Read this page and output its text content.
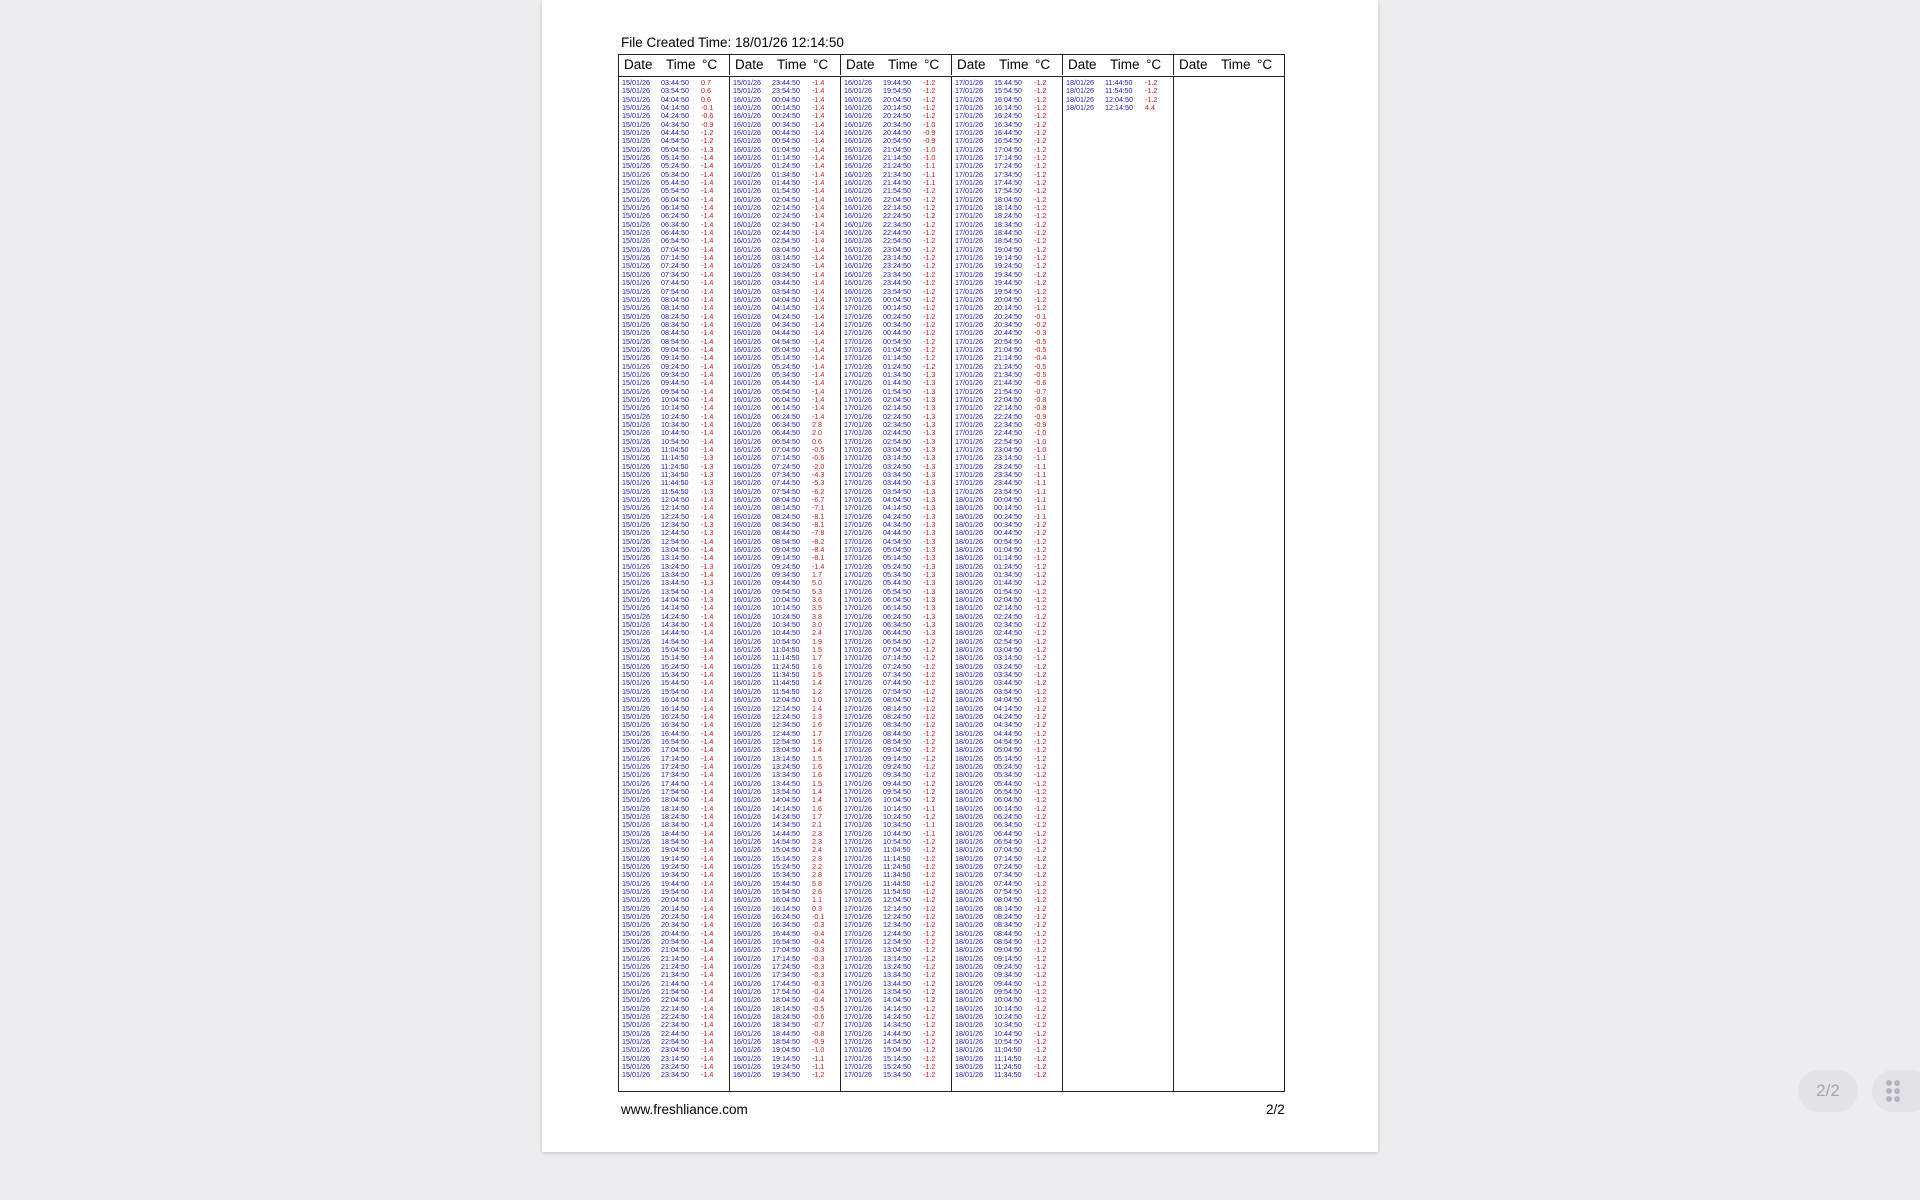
File Created Time: 18/01/26 12:14:50
Date Time °C Date Time °C Date Time °C Date Time °C Date Time °C Date Time °C
15/01/26 03:44:50 0.7
15/01/26 03:54:50 0.6
15/01/26 04:04:50 0.6
15/01/26 04:14:50 -0.1
15/01/26 04:24:50 -0.6
15/01/26 04:34:50 -0.9
15/01/26 04:44:50 -1.2
15/01/26 04:54:50 -1.2
15/01/26 05:04:50 -1.3
15/01/26 05:14:50 -1.4
15/01/26 05:24:50 -1.4
15/01/26 05:34:50 -1.4
15/01/26 05:44:50 -1.4
15/01/26 05:54:50 -1.4
15/01/26 06:04:50 -1.4
15/01/26 06:14:50 -1.4
15/01/26 06:24:50 -1.4
15/01/26 06:34:50 -1.4
15/01/26 06:44:50 -1.4
15/01/26 06:54:50 -1.4
15/01/26 07:04:50 -1.4
15/01/26 07:14:50 -1.4
15/01/26 07:24:50 -1.4
15/01/26 07:34:50 -1.4
15/01/26 07:44:50 -1.4
15/01/26 07:54:50 -1.4
15/01/26 08:04:50 -1.4
15/01/26 08:14:50 -1.4
15/01/26 08:24:50 -1.4
15/01/26 08:34:50 -1.4
15/01/26 08:44:50 -1.4
15/01/26 08:54:50 -1.4
15/01/26 09:04:50 -1.4
15/01/26 09:14:50 -1.4
15/01/26 09:24:50 -1.4
15/01/26 09:34:50 -1.4
15/01/26 09:44:50 -1.4
15/01/26 09:54:50 -1.4
15/01/26 10:04:50 -1.4
15/01/26 10:14:50 -1.4
15/01/26 10:24:50 -1.4
15/01/26 10:34:50 -1.4
15/01/26 10:44:50 -1.4
15/01/26 10:54:50 -1.4
15/01/26 11:04:50 -1.4
15/01/26 11:14:50 -1.3
15/01/26 11:24:50 -1.3
15/01/26 11:34:50 -1.3
15/01/26 11:44:50 -1.3
15/01/26 11:54:50 -1.3
15/01/26 12:04:50 -1.4
15/01/26 12:14:50 -1.4
15/01/26 12:24:50 -1.4
15/01/26 12:34:50 -1.3
15/01/26 12:44:50 -1.3
15/01/26 12:54:50 -1.4
15/01/26 13:04:50 -1.4
15/01/26 13:14:50 -1.4
15/01/26 13:24:50 -1.3
15/01/26 13:34:50 -1.4
15/01/26 13:44:50 -1.3
15/01/26 13:54:50 -1.4
15/01/26 14:04:50 -1.3
15/01/26 14:14:50 -1.4
15/01/26 14:24:50 -1.4
15/01/26 14:34:50 -1.4
15/01/26 14:44:50 -1.4
15/01/26 14:54:50 -1.4
15/01/26 15:04:50 -1.4
15/01/26 15:14:50 -1.4
15/01/26 15:24:50 -1.4
15/01/26 15:34:50 -1.4
15/01/26 15:44:50 -1.4
15/01/26 15:54:50 -1.4
15/01/26 16:04:50 -1.4
15/01/26 16:14:50 -1.4
15/01/26 16:24:50 -1.4
15/01/26 16:34:50 -1.4
15/01/26 16:44:50 -1.4
15/01/26 16:54:50 -1.4
15/01/26 17:04:50 -1.4
15/01/26 17:14:50 -1.4
15/01/26 17:24:50 -1.4
15/01/26 17:34:50 -1.4
15/01/26 17:44:50 -1.4
15/01/26 17:54:50 -1.4
15/01/26 18:04:50 -1.4
15/01/26 18:14:50 -1.4
15/01/26 18:24:50 -1.4
15/01/26 18:34:50 -1.4
15/01/26 18:44:50 -1.4
15/01/26 18:54:50 -1.4
15/01/26 19:04:50 -1.4
15/01/26 19:14:50 -1.4
15/01/26 19:24:50 -1.4
15/01/26 19:34:50 -1.4
15/01/26 19:44:50 -1.4
15/01/26 19:54:50 -1.4
15/01/26 20:04:50 -1.4
15/01/26 20:14:50 -1.4
15/01/26 20:24:50 -1.4
15/01/26 20:34:50 -1.4
15/01/26 20:44:50 -1.4
15/01/26 20:54:50 -1.4
15/01/26 21:04:50 -1.4
15/01/26 21:14:50 -1.4
15/01/26 21:24:50 -1.4
15/01/26 21:34:50 -1.4
15/01/26 21:44:50 -1.4
15/01/26 21:54:50 -1.4
15/01/26 22:04:50 -1.4
15/01/26 22:14:50 -1.4
15/01/26 22:24:50 -1.4
15/01/26 22:34:50 -1.4
15/01/26 22:44:50 -1.4
15/01/26 22:54:50 -1.4
15/01/26 23:04:50 -1.4
15/01/26 23:14:50 -1.4
15/01/26 23:24:50 -1.4
15/01/26 23:34:50 -1.4
15/01/26 23:44:50 -1.4
15/01/26 23:54:50 -1.4
16/01/26 00:04:50 -1.4
16/01/26 00:14:50 -1.4
16/01/26 00:24:50 -1.4
16/01/26 00:34:50 -1.4
16/01/26 00:44:50 -1.4
16/01/26 00:54:50 -1.4
16/01/26 01:04:50 -1.4
16/01/26 01:14:50 -1.4
16/01/26 01:24:50 -1.4
16/01/26 01:34:50 -1.4
16/01/26 01:44:50 -1.4
16/01/26 01:54:50 -1.4
16/01/26 02:04:50 -1.4
16/01/26 02:14:50 -1.4
16/01/26 02:24:50 -1.4
16/01/26 02:34:50 -1.4
16/01/26 02:44:50 -1.4
16/01/26 02:54:50 -1.4
16/01/26 03:04:50 -1.4
16/01/26 03:14:50 -1.4
16/01/26 03:24:50 -1.4
16/01/26 03:34:50 -1.4
16/01/26 03:44:50 -1.4
16/01/26 03:54:50 -1.4
16/01/26 04:04:50 -1.4
16/01/26 04:14:50 -1.4
16/01/26 04:24:50 -1.4
16/01/26 04:34:50 -1.4
16/01/26 04:44:50 -1.4
16/01/26 04:54:50 -1.4
16/01/26 05:04:50 -1.4
16/01/26 05:14:50 -1.4
16/01/26 05:24:50 -1.4
16/01/26 05:34:50 -1.4
16/01/26 05:44:50 -1.4
16/01/26 05:54:50 -1.4
16/01/26 06:04:50 -1.4
16/01/26 06:14:50 -1.4
16/01/26 06:24:50 -1.4
16/01/26 06:34:50 2.8
16/01/26 06:44:50 2.0
16/01/26 06:54:50 0.6
16/01/26 07:04:50 -0.5
16/01/26 07:14:50 -0.6
16/01/26 07:24:50 -2.0
16/01/26 07:34:50 -4.3
16/01/26 07:44:50 -5.3
16/01/26 07:54:50 -6.2
16/01/26 08:04:50 -6.7
16/01/26 08:14:50 -7.1
16/01/26 08:24:50 -8.1
16/01/26 08:34:50 -8.1
16/01/26 08:44:50 -7.8
16/01/26 08:54:50 -8.2
16/01/26 09:04:50 -8.4
16/01/26 09:14:50 -8.1
16/01/26 09:24:50 -1.4
16/01/26 09:34:50 1.7
16/01/26 09:44:50 5.0
16/01/26 09:54:50 5.3
16/01/26 10:04:50 3.6
16/01/26 10:14:50 3.5
16/01/26 10:24:50 3.8
16/01/26 10:34:50 3.0
16/01/26 10:44:50 2.4
16/01/26 10:54:50 1.9
16/01/26 11:04:50 1.5
16/01/26 11:14:50 1.7
16/01/26 11:24:50 1.6
16/01/26 11:34:50 1.5
16/01/26 11:44:50 1.4
16/01/26 11:54:50 1.2
16/01/26 12:04:50 1.0
16/01/26 12:14:50 1.4
16/01/26 12:24:50 1.3
16/01/26 12:34:50 1.6
16/01/26 12:44:50 1.7
16/01/26 12:54:50 1.5
16/01/26 13:04:50 1.4
16/01/26 13:14:50 1.5
16/01/26 13:24:50 1.6
16/01/26 13:34:50 1.6
16/01/26 13:44:50 1.5
16/01/26 13:54:50 1.4
16/01/26 14:04:50 1.4
16/01/26 14:14:50 1.6
16/01/26 14:24:50 1.7
16/01/26 14:34:50 2.1
16/01/26 14:44:50 2.3
16/01/26 14:54:50 2.3
16/01/26 15:04:50 2.4
16/01/26 15:14:50 2.3
16/01/26 15:24:50 2.2
16/01/26 15:34:50 2.8
16/01/26 15:44:50 5.8
16/01/26 15:54:50 2.6
16/01/26 16:04:50 1.1
16/01/26 16:14:50 0.3
16/01/26 16:24:50 -0.1
16/01/26 16:34:50 -0.3
16/01/26 16:44:50 -0.4
16/01/26 16:54:50 -0.4
16/01/26 17:04:50 -0.3
16/01/26 17:14:50 -0.3
16/01/26 17:24:50 -0.3
16/01/26 17:34:50 -0.3
16/01/26 17:44:50 -0.3
16/01/26 17:54:50 -0.4
16/01/26 18:04:50 -0.4
16/01/26 18:14:50 -0.5
16/01/26 18:24:50 -0.6
16/01/26 18:34:50 -0.7
16/01/26 18:44:50 -0.8
16/01/26 18:54:50 -0.9
16/01/26 19:04:50 -1.0
16/01/26 19:14:50 -1.1
16/01/26 19:24:50 -1.1
16/01/26 19:34:50 -1.2
16/01/26 19:44:50 -1.2
16/01/26 19:54:50 -1.2
16/01/26 20:04:50 -1.2
16/01/26 20:14:50 -1.2
16/01/26 20:24:50 -1.2
16/01/26 20:34:50 -1.0
16/01/26 20:44:50 -0.9
16/01/26 20:54:50 -0.9
16/01/26 21:04:50 -1.0
16/01/26 21:14:50 -1.0
16/01/26 21:24:50 -1.1
16/01/26 21:34:50 -1.1
16/01/26 21:44:50 -1.1
16/01/26 21:54:50 -1.2
16/01/26 22:04:50 -1.2
16/01/26 22:14:50 -1.2
16/01/26 22:24:50 -1.2
16/01/26 22:34:50 -1.2
16/01/26 22:44:50 -1.2
16/01/26 22:54:50 -1.2
16/01/26 23:04:50 -1.2
16/01/26 23:14:50 -1.2
16/01/26 23:24:50 -1.2
16/01/26 23:34:50 -1.2
16/01/26 23:44:50 -1.2
16/01/26 23:54:50 -1.2
17/01/26 00:04:50 -1.2
17/01/26 00:14:50 -1.2
17/01/26 00:24:50 -1.2
17/01/26 00:34:50 -1.2
17/01/26 00:44:50 -1.2
17/01/26 00:54:50 -1.2
17/01/26 01:04:50 -1.2
17/01/26 01:14:50 -1.2
17/01/26 01:24:50 -1.2
17/01/26 01:34:50 -1.3
17/01/26 01:44:50 -1.3
17/01/26 01:54:50 -1.3
17/01/26 02:04:50 -1.3
17/01/26 02:14:50 -1.3
17/01/26 02:24:50 -1.3
17/01/26 02:34:50 -1.3
17/01/26 02:44:50 -1.3
17/01/26 02:54:50 -1.3
17/01/26 03:04:50 -1.3
17/01/26 03:14:50 -1.3
17/01/26 03:24:50 -1.3
17/01/26 03:34:50 -1.3
17/01/26 03:44:50 -1.3
17/01/26 03:54:50 -1.3
17/01/26 04:04:50 -1.3
17/01/26 04:14:50 -1.3
17/01/26 04:24:50 -1.3
17/01/26 04:34:50 -1.3
17/01/26 04:44:50 -1.3
17/01/26 04:54:50 -1.3
17/01/26 05:04:50 -1.3
17/01/26 05:14:50 -1.3
17/01/26 05:24:50 -1.3
17/01/26 05:34:50 -1.3
17/01/26 05:44:50 -1.3
17/01/26 05:54:50 -1.3
17/01/26 06:04:50 -1.3
17/01/26 06:14:50 -1.3
17/01/26 06:24:50 -1.3
17/01/26 06:34:50 -1.3
17/01/26 06:44:50 -1.3
17/01/26 06:54:50 -1.2
17/01/26 07:04:50 -1.2
17/01/26 07:14:50 -1.2
17/01/26 07:24:50 -1.2
17/01/26 07:34:50 -1.2
17/01/26 07:44:50 -1.2
17/01/26 07:54:50 -1.2
17/01/26 08:04:50 -1.2
17/01/26 08:14:50 -1.2
17/01/26 08:24:50 -1.2
17/01/26 08:34:50 -1.2
17/01/26 08:44:50 -1.2
17/01/26 08:54:50 -1.2
17/01/26 09:04:50 -1.2
17/01/26 09:14:50 -1.2
17/01/26 09:24:50 -1.2
17/01/26 09:34:50 -1.2
17/01/26 09:44:50 -1.2
17/01/26 09:54:50 -1.2
17/01/26 10:04:50 -1.2
17/01/26 10:14:50 -1.1
17/01/26 10:24:50 -1.2
17/01/26 10:34:50 -1.1
17/01/26 10:44:50 -1.1
17/01/26 10:54:50 -1.2
17/01/26 11:04:50 -1.2
17/01/26 11:14:50 -1.2
17/01/26 11:24:50 -1.2
17/01/26 11:34:50 -1.2
17/01/26 11:44:50 -1.2
17/01/26 11:54:50 -1.2
17/01/26 12:04:50 -1.2
17/01/26 12:14:50 -1.2
17/01/26 12:24:50 -1.2
17/01/26 12:34:50 -1.2
17/01/26 12:44:50 -1.2
17/01/26 12:54:50 -1.2
17/01/26 13:04:50 -1.2
17/01/26 13:14:50 -1.2
17/01/26 13:24:50 -1.2
17/01/26 13:34:50 -1.2
17/01/26 13:44:50 -1.2
17/01/26 13:54:50 -1.2
17/01/26 14:04:50 -1.2
17/01/26 14:14:50 -1.2
17/01/26 14:24:50 -1.2
17/01/26 14:34:50 -1.2
17/01/26 14:44:50 -1.2
17/01/26 14:54:50 -1.2
17/01/26 15:04:50 -1.2
17/01/26 15:14:50 -1.2
17/01/26 15:24:50 -1.2
17/01/26 15:34:50 -1.2
17/01/26 15:44:50 -1.2
17/01/26 15:54:50 -1.2
17/01/26 16:04:50 -1.2
17/01/26 16:14:50 -1.2
17/01/26 16:24:50 -1.2
17/01/26 16:34:50 -1.2
17/01/26 16:44:50 -1.2
17/01/26 16:54:50 -1.2
17/01/26 17:04:50 -1.2
17/01/26 17:14:50 -1.2
17/01/26 17:24:50 -1.2
17/01/26 17:34:50 -1.2
17/01/26 17:44:50 -1.2
17/01/26 17:54:50 -1.2
17/01/26 18:04:50 -1.2
17/01/26 18:14:50 -1.2
17/01/26 18:24:50 -1.2
17/01/26 18:34:50 -1.2
17/01/26 18:44:50 -1.2
17/01/26 18:54:50 -1.2
17/01/26 19:04:50 -1.2
17/01/26 19:14:50 -1.2
17/01/26 19:24:50 -1.2
17/01/26 19:34:50 -1.2
17/01/26 19:44:50 -1.2
17/01/26 19:54:50 -1.2
17/01/26 20:04:50 -1.2
17/01/26 20:14:50 -1.2
17/01/26 20:24:50 -0.1
17/01/26 20:34:50 -0.2
17/01/26 20:44:50 -0.3
17/01/26 20:54:50 -0.5
17/01/26 21:04:50 -0.5
17/01/26 21:14:50 -0.4
17/01/26 21:24:50 -0.5
17/01/26 21:34:50 -0.5
17/01/26 21:44:50 -0.6
17/01/26 21:54:50 -0.7
17/01/26 22:04:50 -0.8
17/01/26 22:14:50 -0.8
17/01/26 22:24:50 -0.9
17/01/26 22:34:50 -0.9
17/01/26 22:44:50 -1.0
17/01/26 22:54:50 -1.0
17/01/26 23:04:50 -1.0
17/01/26 23:14:50 -1.1
17/01/26 23:24:50 -1.1
17/01/26 23:34:50 -1.1
17/01/26 23:44:50 -1.1
17/01/26 23:54:50 -1.1
18/01/26 00:04:50 -1.1
18/01/26 00:14:50 -1.1
18/01/26 00:24:50 -1.1
18/01/26 00:34:50 -1.2
18/01/26 00:44:50 -1.2
18/01/26 00:54:50 -1.2
18/01/26 01:04:50 -1.2
18/01/26 01:14:50 -1.2
18/01/26 01:24:50 -1.2
18/01/26 01:34:50 -1.2
18/01/26 01:44:50 -1.2
18/01/26 01:54:50 -1.2
18/01/26 02:04:50 -1.2
18/01/26 02:14:50 -1.2
18/01/26 02:24:50 -1.2
18/01/26 02:34:50 -1.2
18/01/26 02:44:50 -1.2
18/01/26 02:54:50 -1.2
18/01/26 03:04:50 -1.2
18/01/26 03:14:50 -1.2
18/01/26 03:24:50 -1.2
18/01/26 03:34:50 -1.2
18/01/26 03:44:50 -1.2
18/01/26 03:54:50 -1.2
18/01/26 04:04:50 -1.2
18/01/26 04:14:50 -1.2
18/01/26 04:24:50 -1.2
18/01/26 04:34:50 -1.2
18/01/26 04:44:50 -1.2
18/01/26 04:54:50 -1.2
18/01/26 05:04:50 -1.2
18/01/26 05:14:50 -1.2
18/01/26 05:24:50 -1.2
18/01/26 05:34:50 -1.2
18/01/26 05:44:50 -1.2
18/01/26 05:54:50 -1.2
18/01/26 06:04:50 -1.2
18/01/26 06:14:50 -1.2
18/01/26 06:24:50 -1.2
18/01/26 06:34:50 -1.2
18/01/26 06:44:50 -1.2
18/01/26 06:54:50 -1.2
18/01/26 07:04:50 -1.2
18/01/26 07:14:50 -1.2
18/01/26 07:24:50 -1.2
18/01/26 07:34:50 -1.2
18/01/26 07:44:50 -1.2
18/01/26 07:54:50 -1.2
18/01/26 08:04:50 -1.2
18/01/26 08:14:50 -1.2
18/01/26 08:24:50 -1.2
18/01/26 08:34:50 -1.2
18/01/26 08:44:50 -1.2
18/01/26 08:54:50 -1.2
18/01/26 09:04:50 -1.2
18/01/26 09:14:50 -1.2
18/01/26 09:24:50 -1.2
18/01/26 09:34:50 -1.2
18/01/26 09:44:50 -1.2
18/01/26 09:54:50 -1.2
18/01/26 10:04:50 -1.2
18/01/26 10:14:50 -1.2
18/01/26 10:24:50 -1.2
18/01/26 10:34:50 -1.2
18/01/26 10:44:50 -1.2
18/01/26 10:54:50 -1.2
18/01/26 11:04:50 -1.2
18/01/26 11:14:50 -1.2
18/01/26 11:24:50 -1.2
18/01/26 11:34:50 -1.2
18/01/26 11:44:50 -1.2
18/01/26 11:54:50 -1.2
18/01/26 12:04:50 -1.2
18/01/26 12:14:50 4.4
www.freshliance.com	2/2
2/2
